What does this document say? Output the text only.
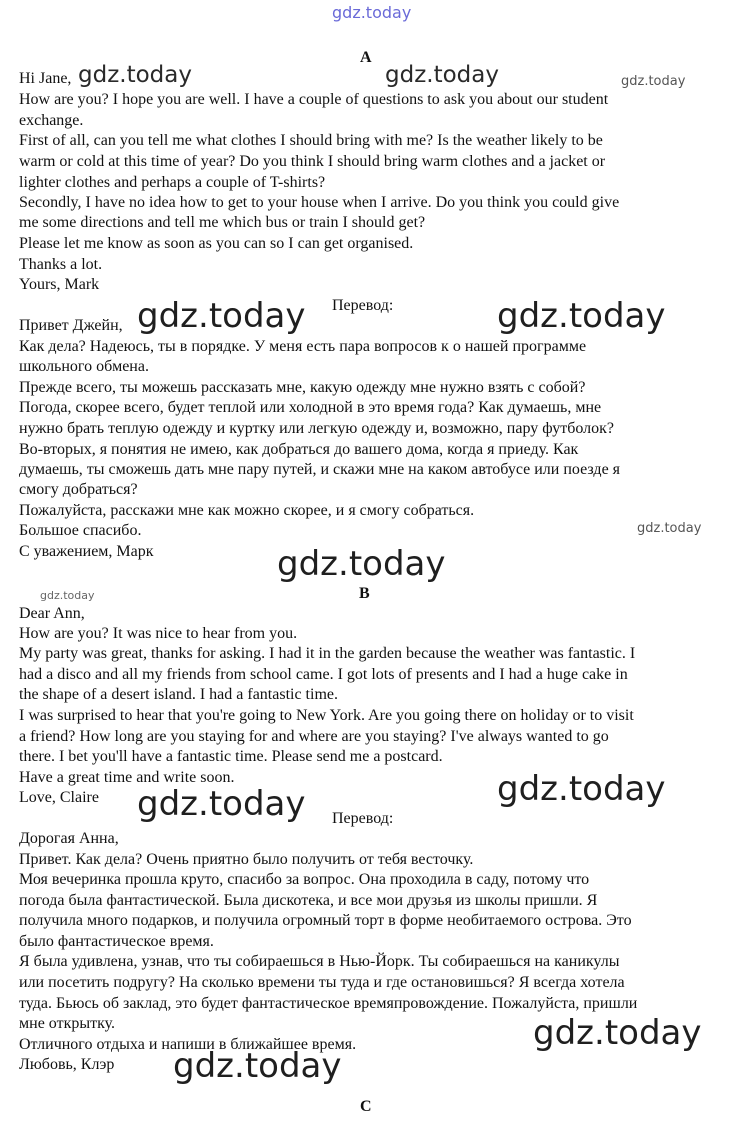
gdz.today
gdz.today	gdz.today	gdz.today
gdz.today	gdz.today
gdz.today
gdz.today
gdz.today
gdz.today
gdz.today
gdz.today
gdz.today
A

Hi Jane,

How are you? I hope you are well. I have a couple of questions to ask you about our student

exchange.

First of all, can you tell me what clothes I should bring with me? Is the weather likely to be

warm or cold at this time of year? Do you think I should bring warm clothes and a jacket or

lighter clothes and perhaps a couple of T-shirts?

Secondly, I have no idea how to get to your house when I arrive. Do you think you could give

me some directions and tell me which bus or train I should get?

Please let me know as soon as you can so I can get organised.

Thanks a lot.

Yours, Mark

Перевод:

Привет Джейн,

Как дела? Надеюсь, ты в порядке. У меня есть пара вопросов к о нашей программе

школьного обмена.

Прежде всего, ты можешь рассказать мне, какую одежду мне нужно взять с собой?

Погода, скорее всего, будет теплой или холодной в это время года? Как думаешь, мне

нужно брать теплую одежду и куртку или легкую одежду и, возможно, пару футболок?

Во-вторых, я понятия не имею, как добраться до вашего дома, когда я приеду. Как

думаешь, ты сможешь дать мне пару путей, и скажи мне на каком автобусе или поезде я

смогу добраться?

Пожалуйста, расскажи мне как можно скорее, и я смогу собраться.

Большое спасибо.

С уважением, Марк

B

Dear Ann,

How are you? It was nice to hear from you.

My party was great, thanks for asking. I had it in the garden because the weather was fantastic. I

had a disco and all my friends from school came. I got lots of presents and I had a huge cake in

the shape of a desert island. I had a fantastic time.

I was surprised to hear that you're going to New York. Are you going there on holiday or to visit

a friend? How long are you staying for and where are you staying? I've always wanted to go

there. I bet you'll have a fantastic time. Please send me a postcard.

Have a great time and write soon.

Love, Claire

Перевод:

Дорогая Анна,

Привет. Как дела? Очень приятно было получить от тебя весточку.

Моя вечеринка прошла круто, спасибо за вопрос. Она проходила в саду, потому что

погода была фантастической. Была дискотека, и все мои друзья из школы пришли. Я

получила много подарков, и получила огромный торт в форме необитаемого острова. Это

было фантастическое время.

Я была удивлена, узнав, что ты собираешься в Нью-Йорк. Ты собираешься на каникулы

или посетить подругу? На сколько времени ты туда и где остановишься? Я всегда хотела

туда. Бьюсь об заклад, это будет фантастическое времяпровождение. Пожалуйста, пришли

мне открытку.

Отличного отдыха и напиши в ближайшее время.

Любовь, Клэр

C
